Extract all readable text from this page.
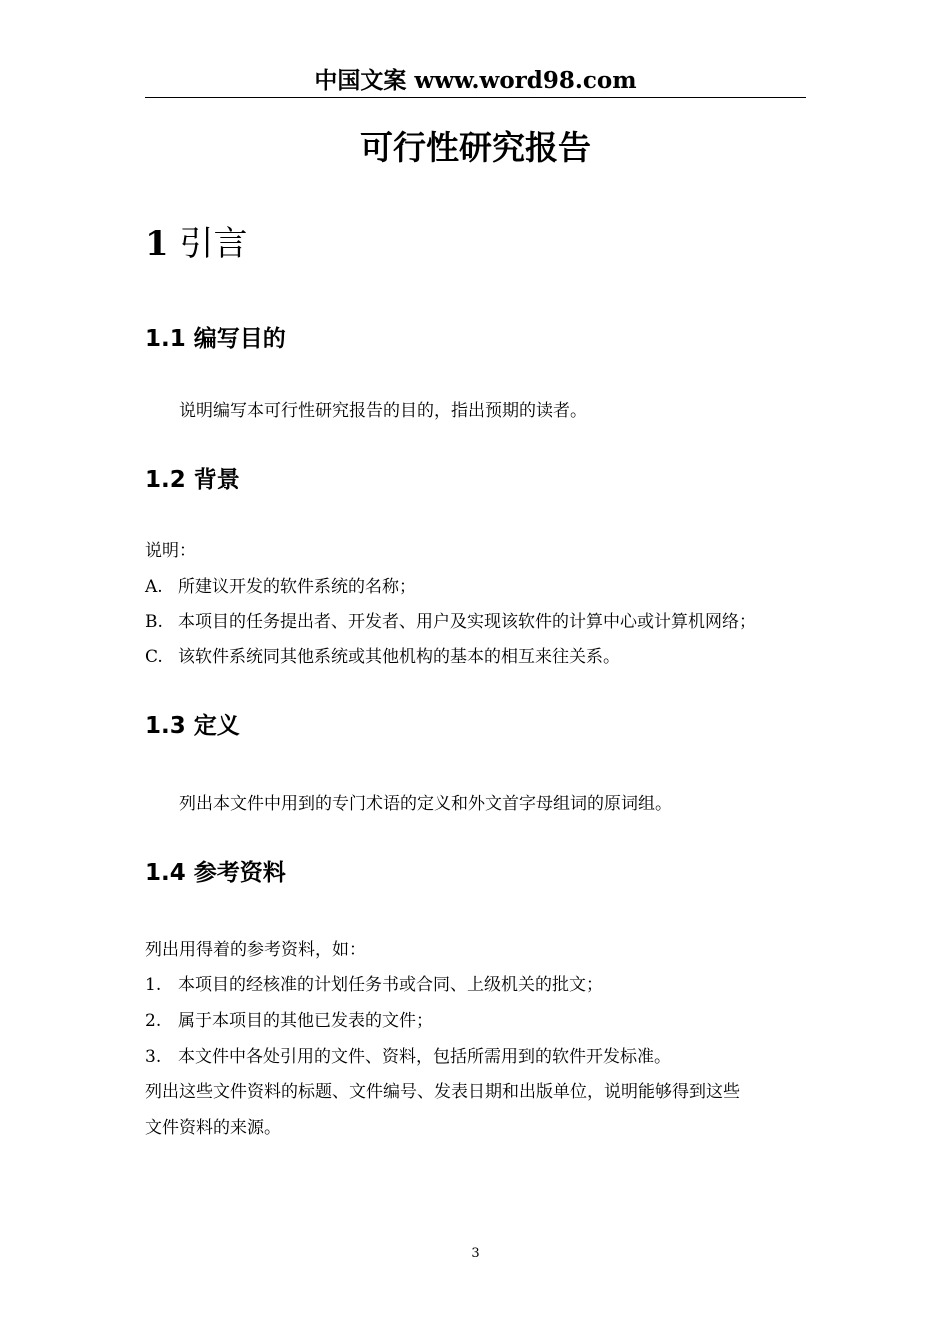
中国文案 www.word98.com
可行性研究报告
1 引言
1.1 编写目的
说明编写本可行性研究报告的目的，指出预期的读者。
1.2 背景
说明：
A. 所建议开发的软件系统的名称；
B. 本项目的任务提出者、开发者、用户及实现该软件的计算中心或计算机网络；
C. 该软件系统同其他系统或其他机构的基本的相互来往关系。
1.3 定义
列出本文件中用到的专门术语的定义和外文首字母组词的原词组。
1.4 参考资料
列出用得着的参考资料，如：
1. 本项目的经核准的计划任务书或合同、上级机关的批文；
2. 属于本项目的其他已发表的文件；
3. 本文件中各处引用的文件、资料，包括所需用到的软件开发标准。
列出这些文件资料的标题、文件编号、发表日期和出版单位，说明能够得到这些
文件资料的来源。
3
